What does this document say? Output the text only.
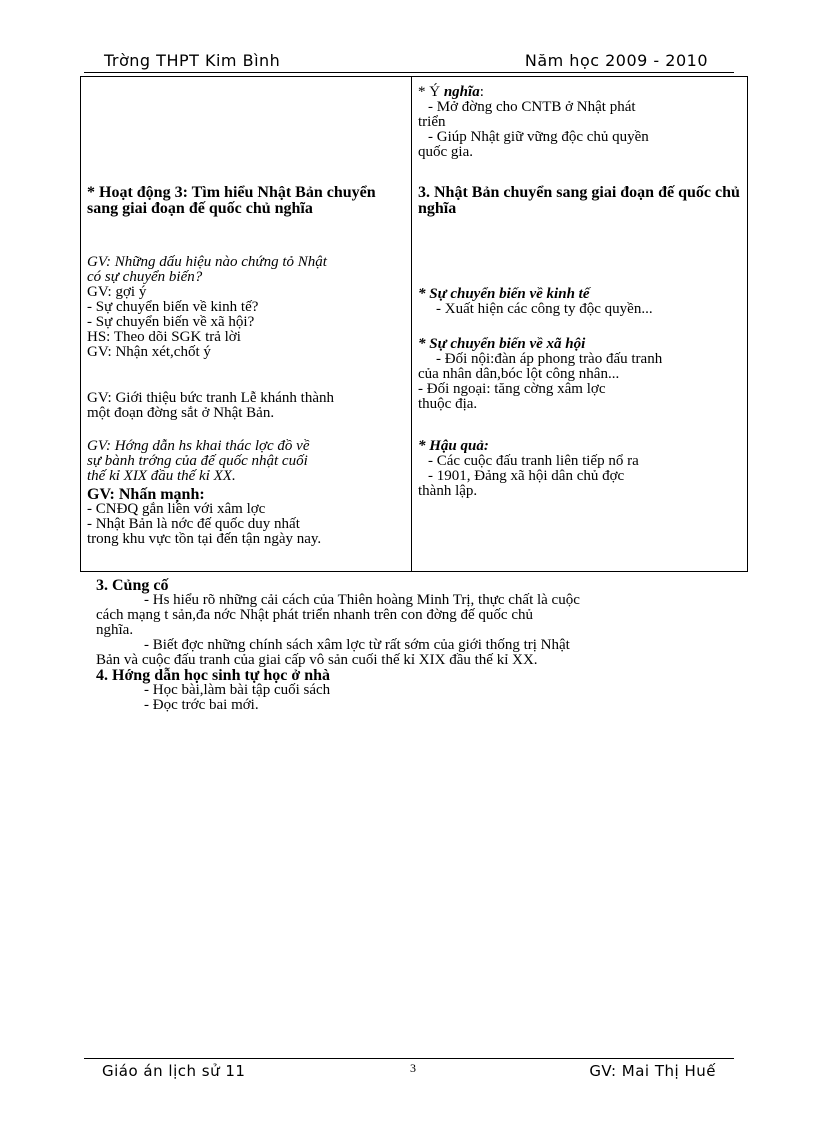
Trờng THPT Kim Bình	Năm học 2009 - 2010
* Hoạt động 3: Tìm hiểu Nhật Bản chuyển sang giai đoạn đế quốc chủ nghĩa
GV: Những dấu hiệu nào chứng tỏ Nhật
có sự chuyển biến?
GV: gợi ý
- Sự chuyển biến về kinh tế?
- Sự chuyển biến về xã hội?
HS: Theo dõi SGK trả lời
GV: Nhận xét,chốt ý
GV: Giới thiệu bức tranh Lễ khánh thành
một đoạn đờng sắt ở Nhật Bản.
GV: Hớng dẫn hs khai thác lợc đồ về
sự bành trớng của đế quốc nhật cuối
thế kỉ XIX đầu thế kỉ XX.
GV: Nhấn mạnh:
- CNĐQ gắn liền với xâm lợc
- Nhật Bản là nớc đế quốc duy nhất
trong khu vực tồn tại đến tận ngày nay.
* Ý nghĩa:
- Mở đờng cho CNTB ở Nhật phát
triển
- Giúp Nhật giữ vững độc chủ quyền
quốc gia.
3. Nhật Bản chuyển sang giai đoạn đế quốc chủ nghĩa
* Sự chuyển biến về kinh tế
- Xuất hiện các công ty độc quyền...
* Sự chuyển biến về xã hội
- Đối nội:đàn áp phong trào đấu tranh
của nhân dân,bóc lột công nhân...
- Đối ngoại: tăng cờng xâm lợc
thuộc địa.
* Hậu quả:
- Các cuộc đấu tranh liên tiếp nổ ra
- 1901, Đảng xã hội dân chủ đợc
thành lập.
3. Củng cố
- Hs hiểu rõ những cải cách của Thiên hoàng Minh Trị, thực chất là cuộc
cách mạng t sản,đa nớc Nhật phát triển nhanh trên con đờng đế quốc chủ
nghĩa.
- Biết đợc những chính sách xâm lợc từ rất sớm của giới thống trị Nhật
Bản và cuộc đấu tranh của giai cấp vô sản cuối thế kỉ XIX đầu thế kỉ XX.
4. Hớng dẫn học sinh tự học ở nhà
- Học bài,làm bài tập cuối sách
- Đọc trớc bai mới.
Giáo án lịch sử 11	3	GV: Mai Thị Huế
